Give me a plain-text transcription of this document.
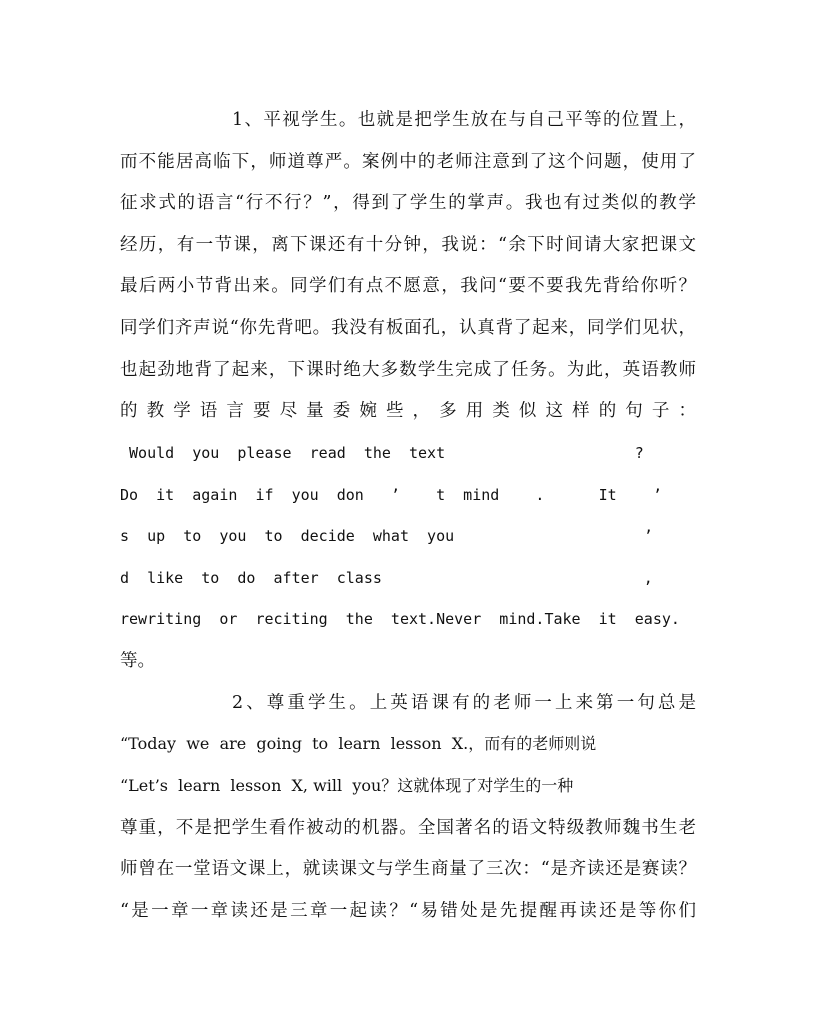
1、平视学生。也就是把学生放在与自己平等的位置上，
而不能居高临下，师道尊严。案例中的老师注意到了这个问题，使用了
征求式的语言“行不行？”，得到了学生的掌声。我也有过类似的教学
经历，有一节课，离下课还有十分钟，我说：“余下时间请大家把课文
最后两小节背出来。同学们有点不愿意，我问“要不要我先背给你听？
同学们齐声说“你先背吧。我没有板面孔，认真背了起来，同学们见状，
也起劲地背了起来，下课时绝大多数学生完成了任务。为此，英语教师
的 教 学 语 言 要 尽 量 委 婉 些 ， 多 用 类 似 这 样 的 句 子 ：
Would  you  please  read  the  text                     ?
Do  it  again  if  you  don   ’    t  mind    .      It    ’
s  up  to  you  to  decide  what  you                     ’
d  like  to  do  after  class                             ,
rewriting  or  reciting  the  text.Never  mind.Take  it  easy.
等。
2、尊重学生。上英语课有的老师一上来第一句总是
“Today  we  are  going  to  learn  lesson  X.，而有的老师则说
“Let’s  learn  lesson  X, will  you？这就体现了对学生的一种
尊重，不是把学生看作被动的机器。全国著名的语文特级教师魏书生老
师曾在一堂语文课上，就读课文与学生商量了三次：“是齐读还是赛读？
“是一章一章读还是三章一起读？“易错处是先提醒再读还是等你们
